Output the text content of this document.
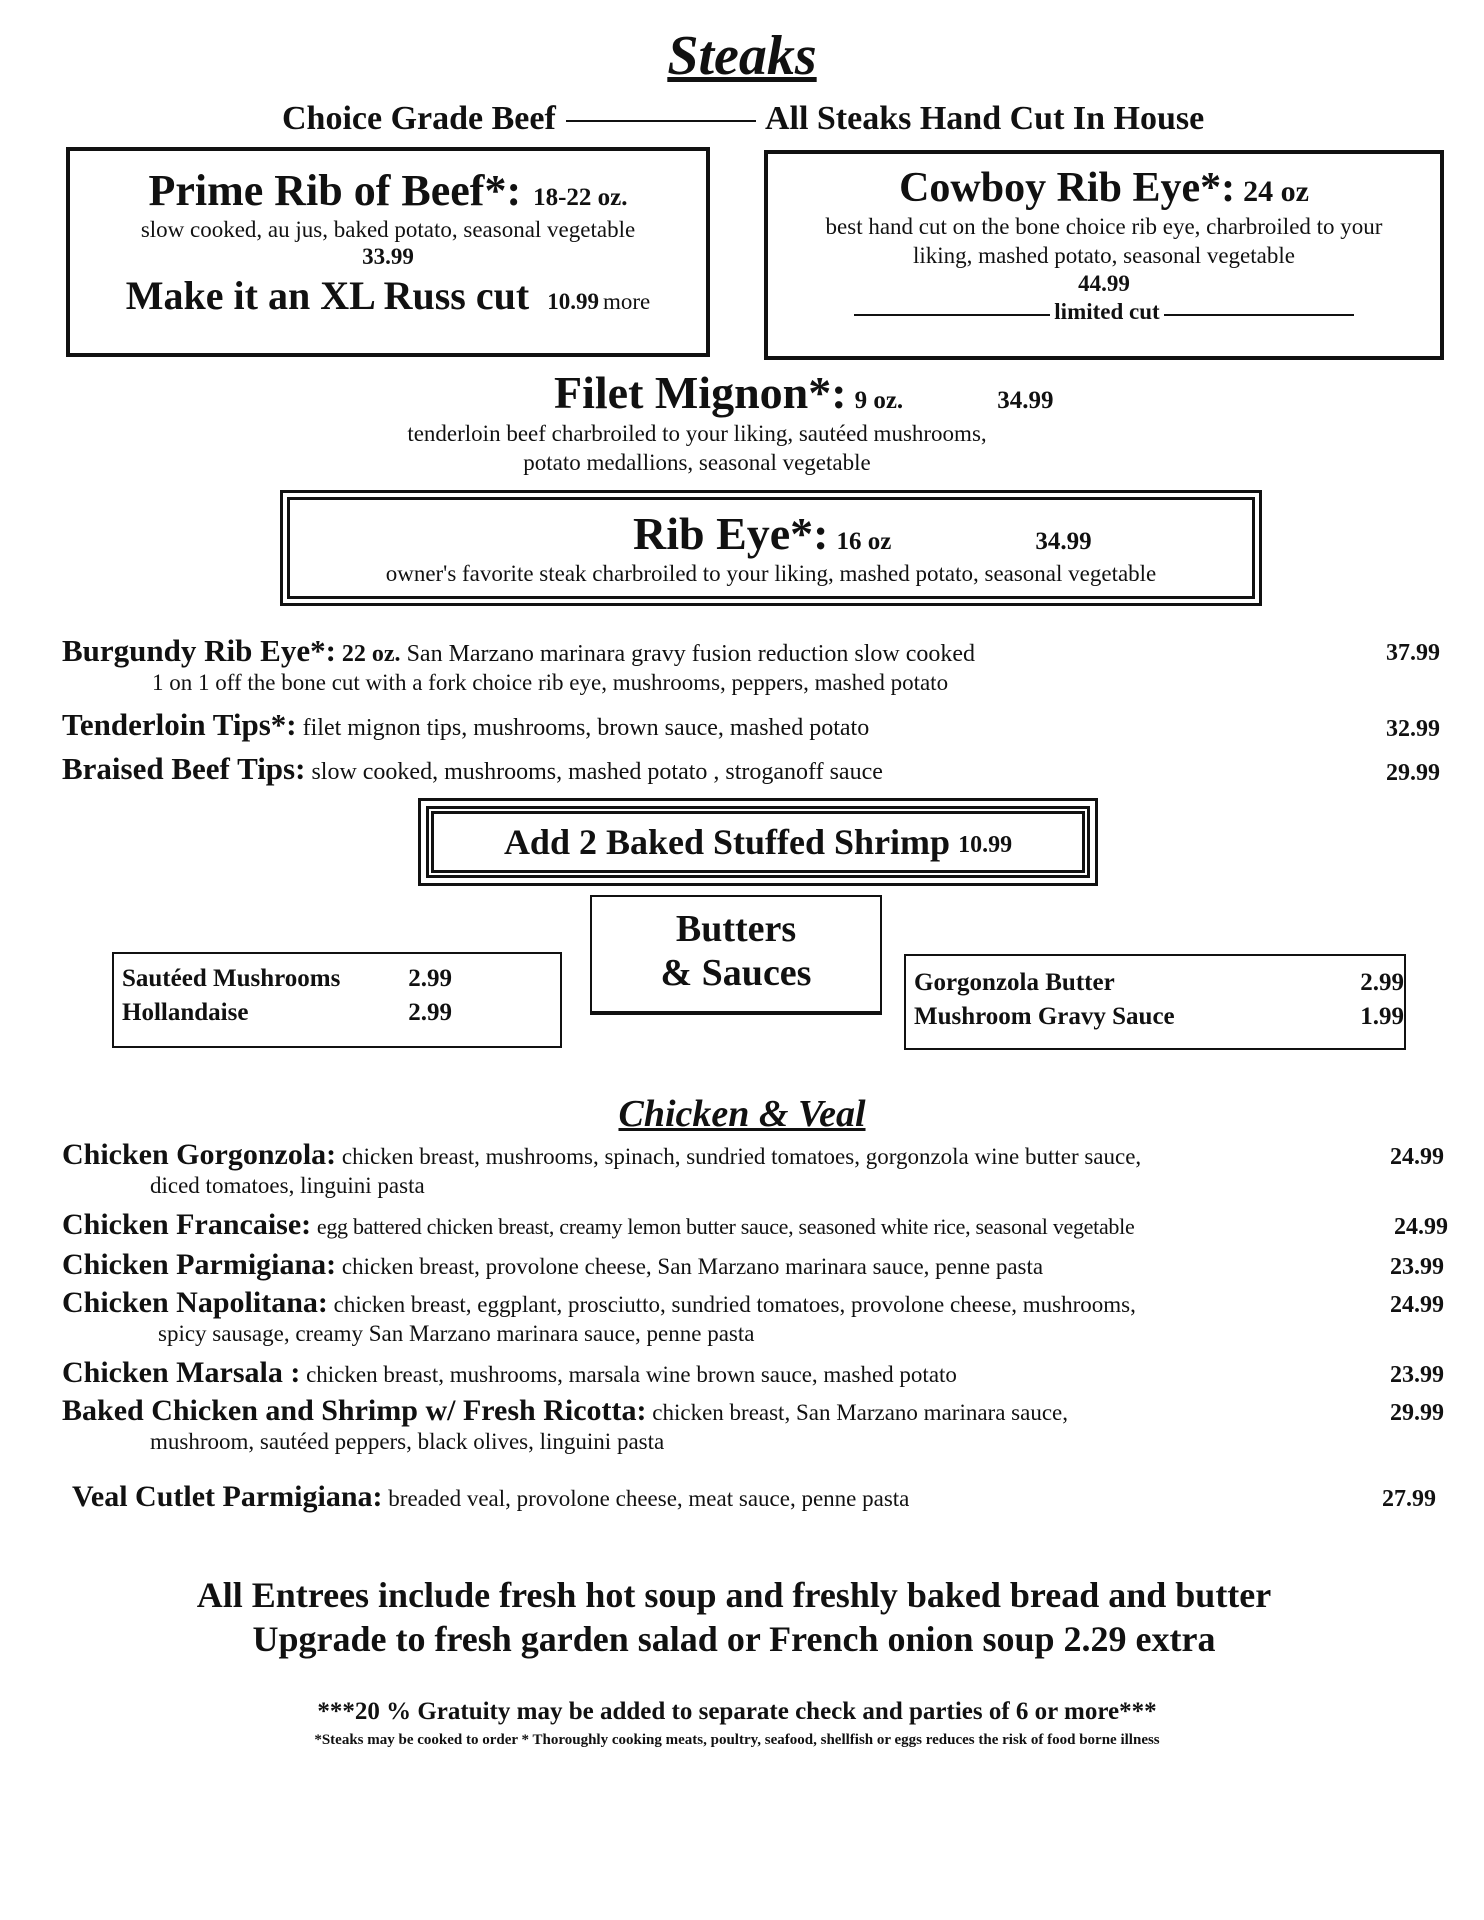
Steaks
Choice Grade Beef	All Steaks Hand Cut In House
Prime Rib of Beef*: 18-22 oz.
slow cooked, au jus, baked potato, seasonal vegetable
33.99
Make it an XL Russ cut 10.99 more
Cowboy Rib Eye*: 24 oz
best hand cut on the bone choice rib eye, charbroiled to your
liking, mashed potato, seasonal vegetable
44.99
limited cut
Filet Mignon*: 9 oz.	34.99
tenderloin beef charbroiled to your liking, sautéed mushrooms,
potato medallions, seasonal vegetable
Rib Eye*: 16 oz	34.99
owner's favorite steak charbroiled to your liking, mashed potato, seasonal vegetable
Burgundy Rib Eye*: 22 oz. San Marzano marinara gravy fusion reduction slow cooked
1 on 1 off the bone cut with a fork choice rib eye, mushrooms, peppers, mashed potato
37.99
Tenderloin Tips*: filet mignon tips, mushrooms, brown sauce, mashed potato	32.99
Braised Beef Tips: slow cooked, mushrooms, mashed potato , stroganoff sauce	29.99
Add 2 Baked Stuffed Shrimp 10.99
Butters
& Sauces
Sautéed Mushrooms	2.99
Hollandaise	2.99
Gorgonzola Butter	2.99
Mushroom Gravy Sauce	1.99
Chicken & Veal
Chicken Gorgonzola: chicken breast, mushrooms, spinach, sundried tomatoes, gorgonzola wine butter sauce,
diced tomatoes, linguini pasta
24.99
Chicken Francaise: egg battered chicken breast, creamy lemon butter sauce, seasoned white rice, seasonal vegetable	24.99
Chicken Parmigiana: chicken breast, provolone cheese, San Marzano marinara sauce, penne pasta	23.99
Chicken Napolitana: chicken breast, eggplant, prosciutto, sundried tomatoes, provolone cheese, mushrooms,
spicy sausage, creamy San Marzano marinara sauce, penne pasta
24.99
Chicken Marsala : chicken breast, mushrooms, marsala wine brown sauce, mashed potato	23.99
Baked Chicken and Shrimp w/ Fresh Ricotta: chicken breast, San Marzano marinara sauce,
mushroom, sautéed peppers, black olives, linguini pasta
29.99
Veal Cutlet Parmigiana: breaded veal, provolone cheese, meat sauce, penne pasta	27.99
All Entrees include fresh hot soup and freshly baked bread and butter
Upgrade to fresh garden salad or French onion soup 2.29 extra
***20 % Gratuity may be added to separate check and parties of 6 or more***
*Steaks may be cooked to order * Thoroughly cooking meats, poultry, seafood, shellfish or eggs reduces the risk of food borne illness
